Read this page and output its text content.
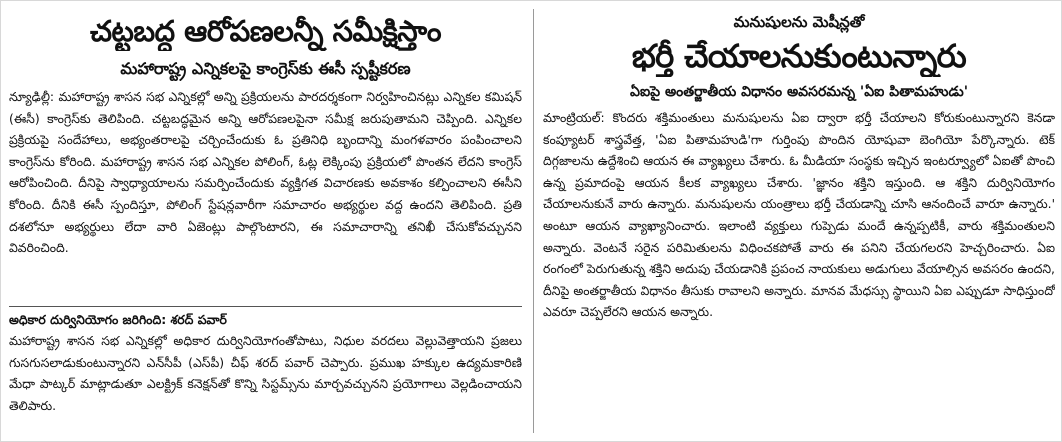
చట్టబద్ధ ఆరోపణలన్నీ సమీక్షిస్తాం
మహారాష్ట్ర ఎన్నికలపై కాంగ్రెస్‌కు ఈసీ స్పష్టీకరణ

న్యూఢిల్లీ: మహారాష్ట్ర శాసన సభ ఎన్నికల్లో అన్ని ప్రక్రియలను పారదర్శకంగా నిర్వహించినట్లు ఎన్నికల కమిషన్ (ఈసీ) కాంగ్రెస్‌కు తెలిపింది. చట్టబద్ధమైన అన్ని ఆరోపణలపైనా సమీక్ష జరుపుతామని చెప్పింది. ఎన్నికల ప్రక్రియపై సందేహాలు, అభ్యంతరాలపై చర్చించేందుకు ఓ ప్రతినిధి బృందాన్ని మంగళవారం పంపించాలని కాంగ్రెస్‌ను కోరింది. మహారాష్ట్ర శాసన సభ ఎన్నికల పోలింగ్, ఓట్ల లెక్కింపు ప్రక్రియలో పొంతన లేదని కాంగ్రెస్ ఆరోపించింది. దీనిపై స్వాధ్యాయాలను సమర్పించేందుకు వ్యక్తిగత విచారణకు అవకాశం కల్పించాలని ఈసీని కోరింది. దీనికి ఈసీ స్పందిస్తూ, పోలింగ్ స్టేషన్లవారీగా సమాచారం అభ్యర్థుల వద్ద ఉందని తెలిపింది. ప్రతి దశలోనూ అభ్యర్థులు లేదా వారి ఏజెంట్లు పాల్గొంటారని, ఈ సమాచారాన్ని తనిఖీ చేసుకోవచ్చునని వివరించింది.

అధికార దుర్వినియోగం జరిగింది: శరద్ పవార్

మహారాష్ట్ర శాసన సభ ఎన్నికల్లో అధికార దుర్వినియోగంతోపాటు, నిధుల వరదలు వెల్లువెత్తాయని ప్రజలు గుసగుసలాడుకుంటున్నారని ఎన్‌సీపీ (ఎస్‌పీ) చీఫ్ శరద్ పవార్ చెప్పారు. ప్రముఖ హక్కుల ఉద్యమకారిణి మేధా పాట్కర్ మాట్లాడుతూ ఎలక్ట్రిక్ కనెక్షన్‌తో కొన్ని సిస్టమ్స్‌ను మార్చవచ్చునని ప్రయోగాలు వెల్లడించాయని తెలిపారు.

మనుషులను మెషీన్లతో
భర్తీ చేయాలనుకుంటున్నారు
ఏఐపై అంతర్జాతీయ విధానం అవసరమన్న 'ఏఐ పితామహుడు'

మాంట్రియల్: కొందరు శక్తిమంతులు మనుషులను ఏఐ ద్వారా భర్తీ చేయాలని కోరుకుంటున్నారని కెనడా కంప్యూటర్ శాస్త్రవేత్త, 'ఏఐ పితామహుడి'గా గుర్తింపు పొందిన యోషువా బెంగియో పేర్కొన్నారు. టెక్ దిగ్గజాలను ఉద్దేశించి ఆయన ఈ వ్యాఖ్యలు చేశారు. ఓ మీడియా సంస్థకు ఇచ్చిన ఇంటర్వ్యూలో ఏఐతో పొంచి ఉన్న ప్రమాదంపై ఆయన కీలక వ్యాఖ్యలు చేశారు. 'జ్ఞానం శక్తిని ఇస్తుంది. ఆ శక్తిని దుర్వినియోగం చేయాలనుకునే వారు ఉన్నారు. మనుషులను యంత్రాలు భర్తీ చేయడాన్ని చూసి ఆనందించే వారూ ఉన్నారు.' అంటూ ఆయన వ్యాఖ్యానించారు. ఇలాంటి వ్యక్తులు గుప్పెడు మందే ఉన్నప్పటికీ, వారు శక్తిమంతులని అన్నారు. వెంటనే సరైన పరిమితులను విధించకపోతే వారు ఈ పనిని చేయగలరని హెచ్చరించారు. ఏఐ రంగంలో పెరుగుతున్న శక్తిని అదుపు చేయడానికి ప్రపంచ నాయకులు అడుగులు వేయాల్సిన అవసరం ఉందని, దీనిపై అంతర్జాతీయ విధానం తీసుకు రావాలని అన్నారు. మానవ మేధస్సు స్థాయిని ఏఐ ఎప్పుడూ సాధిస్తుందో ఎవరూ చెప్పలేరని ఆయన అన్నారు.
